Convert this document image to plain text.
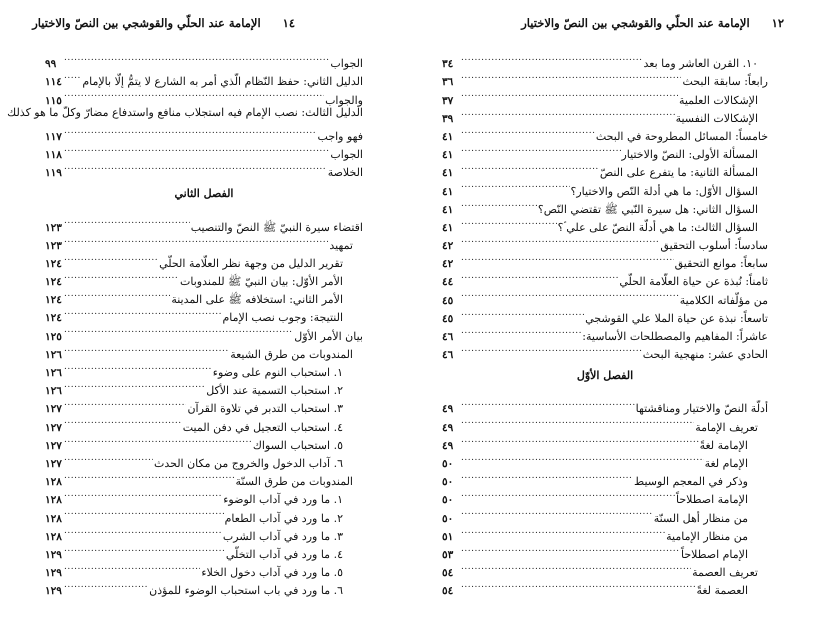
١٤
الإمامة عند الحلّي والقوشجي بين النصّ والاختيار
الجواب
.....
٩٩
الدليل الثاني: حفظ النّظام الّذي أمر به الشارع لا يتمُّ إلّا بالإمام
.....
١١٤
والجواب
.....
١١٥
الدليل الثالث: نصب الإمام فيه استجلاب منافع واستدفاع مضارّ وكلّ ما هو كذلك
فهو واجب
.....
١١٧
الجواب
.....
١١٨
الخلاصة
.....
١١٩
الفصل الثاني
اقتضاء سيرة النبيّ ﷺ النصّ والتنصيب
.....
١٢٣
تمهيد
.....
١٢٣
تقرير الدليل من وجهة نظر العلّامة الحلّي
.....
١٢٤
الأمر الأوّل: بيان النبيّ ﷺ للمندوبات
.....
١٢٤
الأمر الثاني: استخلافه ﷺ على المدينة
.....
١٢٤
النتيجة: وجوب نصب الإمام
.....
١٢٤
بيان الأمر الأوّل
.....
١٢٥
المندوبات من طرق الشيعة
.....
١٢٦
١. استحباب النوم على وضوء
.....
١٢٦
٢. استحباب التسمية عند الأكل
.....
١٢٦
٣. استحباب التدبر في تلاوة القرآن
.....
١٢٧
٤. استحباب التعجيل في دفن الميت
.....
١٢٧
٥. استحباب السواك
.....
١٢٧
٦. آداب الدخول والخروج من مكان الحدث
.....
١٢٧
المندوبات من طرق السنّة
.....
١٢٨
١. ما ورد في آداب الوضوء
.....
١٢٨
٢. ما ورد في آداب الطعام
.....
١٢٨
٣. ما ورد في آداب الشرب
.....
١٢٨
٤. ما ورد في آداب التخلّي
.....
١٢٩
٥. ما ورد في آداب دخول الخلاء
.....
١٢٩
٦. ما ورد في باب استحباب الوضوء للمؤذن
.....
١٢٩
١٢
الإمامة عند الحلّي والقوشجي بين النصّ والاختيار
١٠. القرن العاشر وما بعد
.....
٣٤
رابعاً: سابقة البحث
.....
٣٦
الإشكالات العلمية
.....
٣٧
الإشكالات النفسية
.....
٣٩
خامساً: المسائل المطروحة في البحث
.....
٤١
المسألة الأولى: النصّ والاختيار
.....
٤١
المسألة الثانية: ما يتفرع على النصّ
.....
٤١
السؤال الأوّل: ما هي أدلة النّص والاختيار؟
.....
٤١
السؤال الثاني: هل سيرة النّبي ﷺ تقتضي النّص؟
.....
٤١
السؤال الثالث: ما هي أدلّة النصّ على علي ؑ؟
.....
٤١
سادساً: أسلوب التحقيق
.....
٤٢
سابعاً: موانع التحقيق
.....
٤٢
ثامناً: نُبذة عن حياة العلّامة الحلّي
.....
٤٤
من مؤلّفاته الكلامية
.....
٤٥
تاسعاً: نبذة عن حياة الملا علي القوشجي
.....
٤٥
عاشراً: المفاهيم والمصطلحات الأساسية:
.....
٤٦
الحادي عشر: منهجية البحث
.....
٤٦
الفصل الأوّل
أدلّة النصّ والاختيار ومناقشتها
.....
٤٩
تعريف الإمامة
.....
٤٩
الإمامة لغةً
.....
٤٩
الإمام لغة
.....
٥٠
وذكر في المعجم الوسيط
.....
٥٠
الإمامة اصطلاحاً
.....
٥٠
من منظار أهل السنّة
.....
٥٠
من منظار الإمامية
.....
٥١
الإمام اصطلاحاً
.....
٥٣
تعريف العصمة
.....
٥٤
العصمة لغةً
.....
٥٤
